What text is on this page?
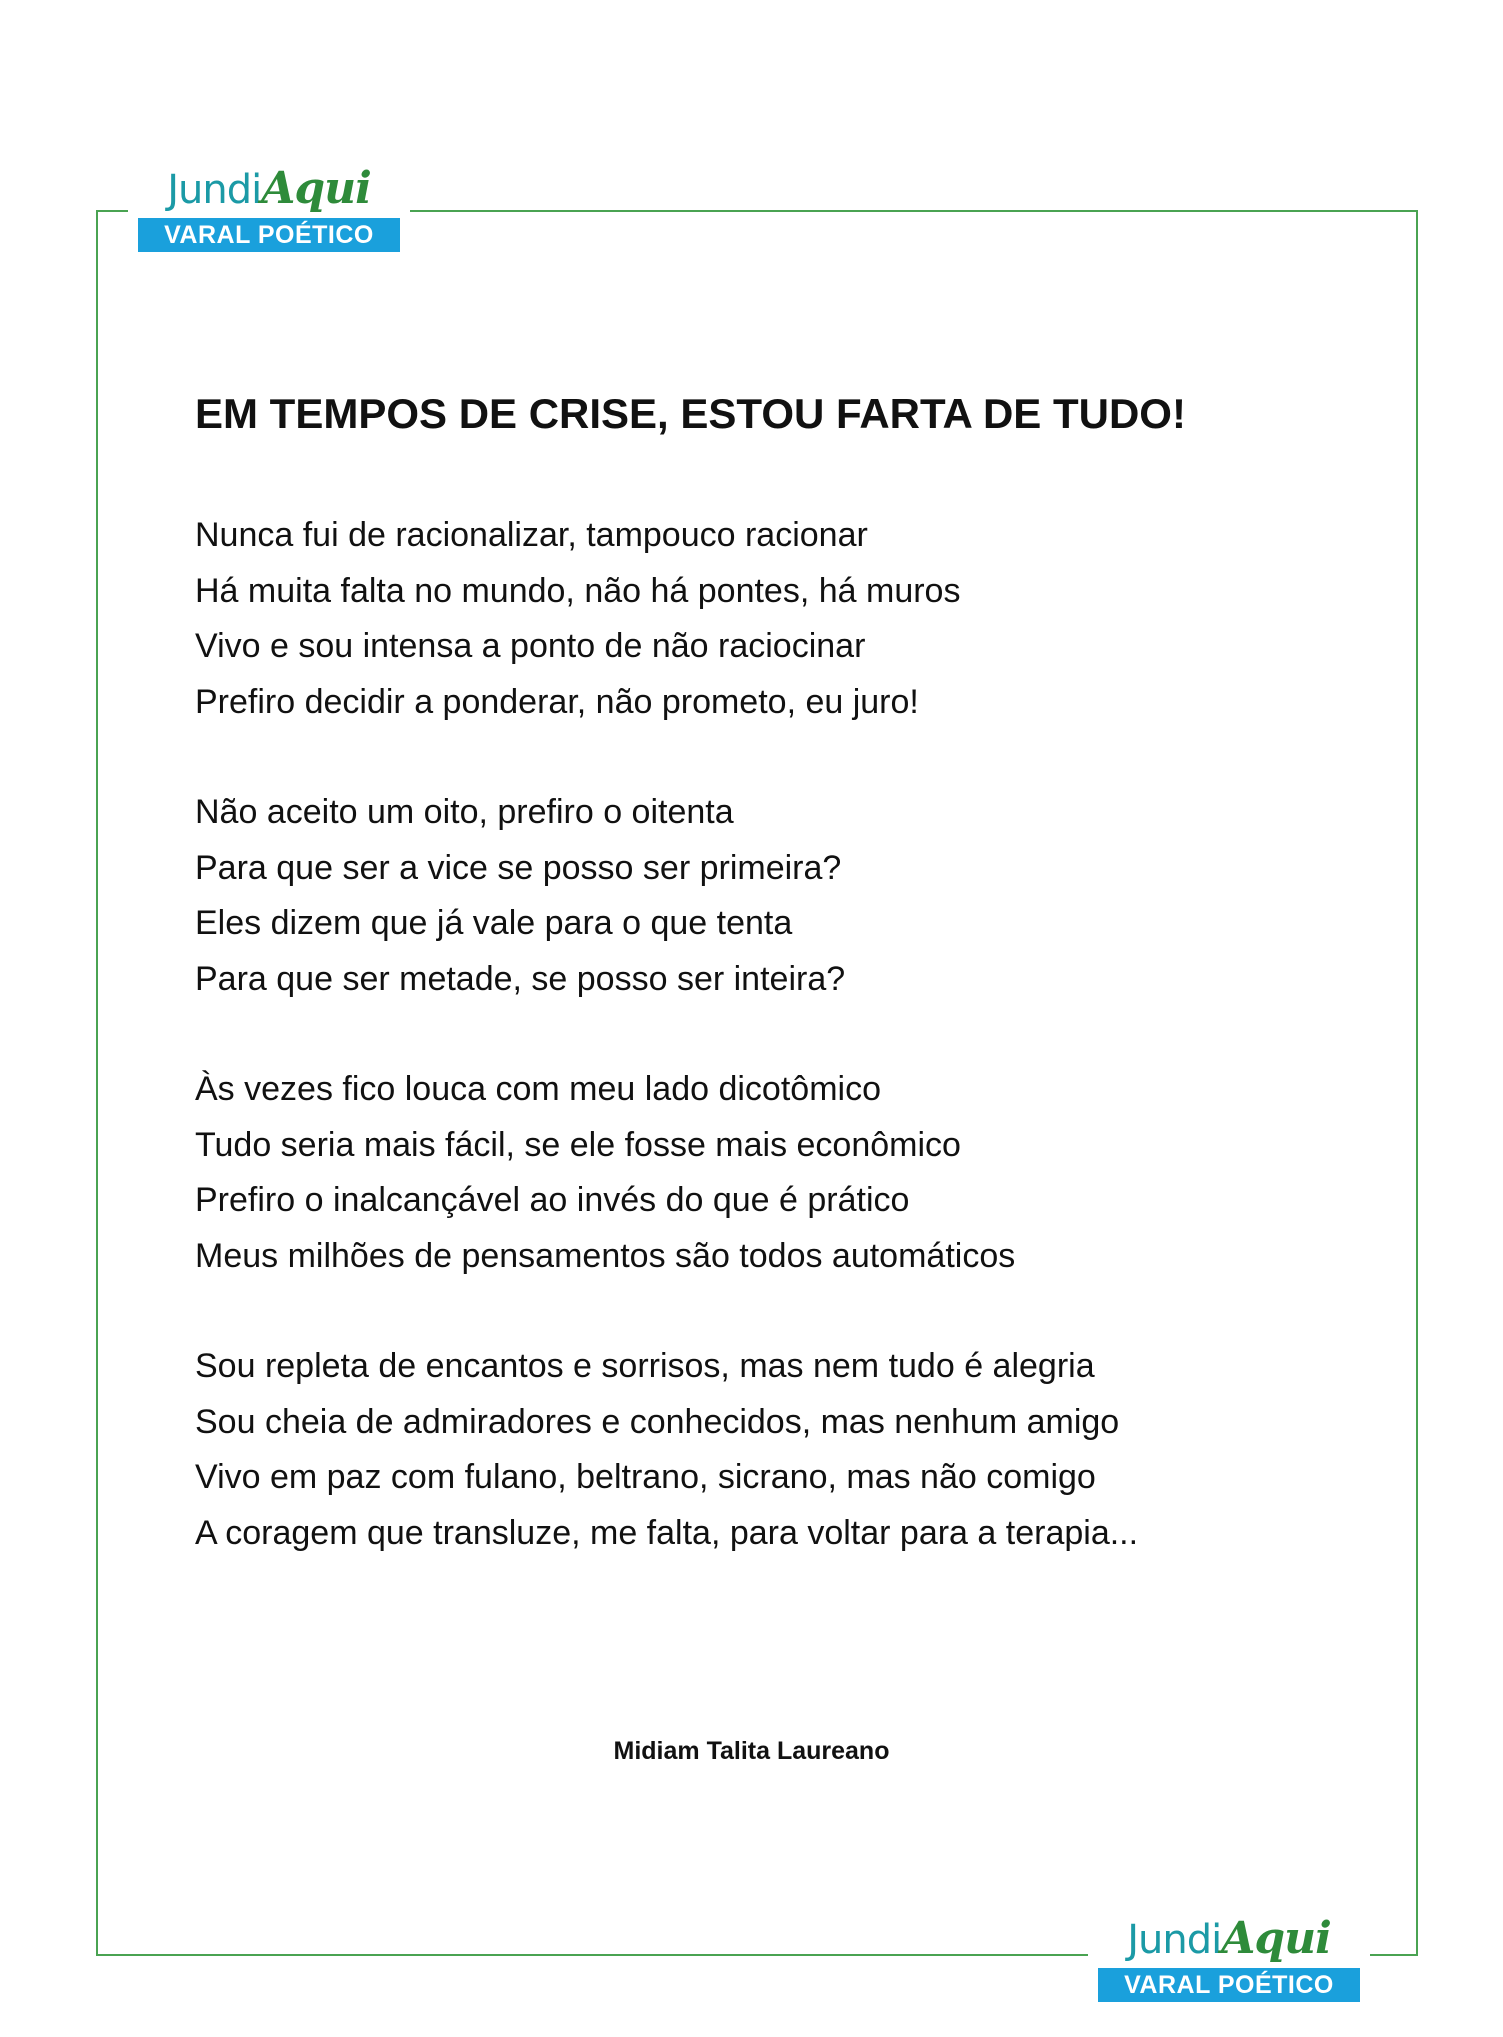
JundiAqui
VARAL POÉTICO
EM TEMPOS DE CRISE, ESTOU FARTA DE TUDO!
Nunca fui de racionalizar, tampouco racionar
Há muita falta no mundo, não há pontes, há muros
Vivo e sou intensa a ponto de não raciocinar
Prefiro decidir a ponderar, não prometo, eu juro!
Não aceito um oito, prefiro o oitenta
Para que ser a vice se posso ser primeira?
Eles dizem que já vale para o que tenta
Para que ser metade, se posso ser inteira?
Às vezes fico louca com meu lado dicotômico
Tudo seria mais fácil, se ele fosse mais econômico
Prefiro o inalcançável ao invés do que é prático
Meus milhões de pensamentos são todos automáticos
Sou repleta de encantos e sorrisos, mas nem tudo é alegria
Sou cheia de admiradores e conhecidos, mas nenhum amigo
Vivo em paz com fulano, beltrano, sicrano, mas não comigo
A coragem que transluze, me falta, para voltar para a terapia...
Midiam Talita Laureano
JundiAqui
VARAL POÉTICO
